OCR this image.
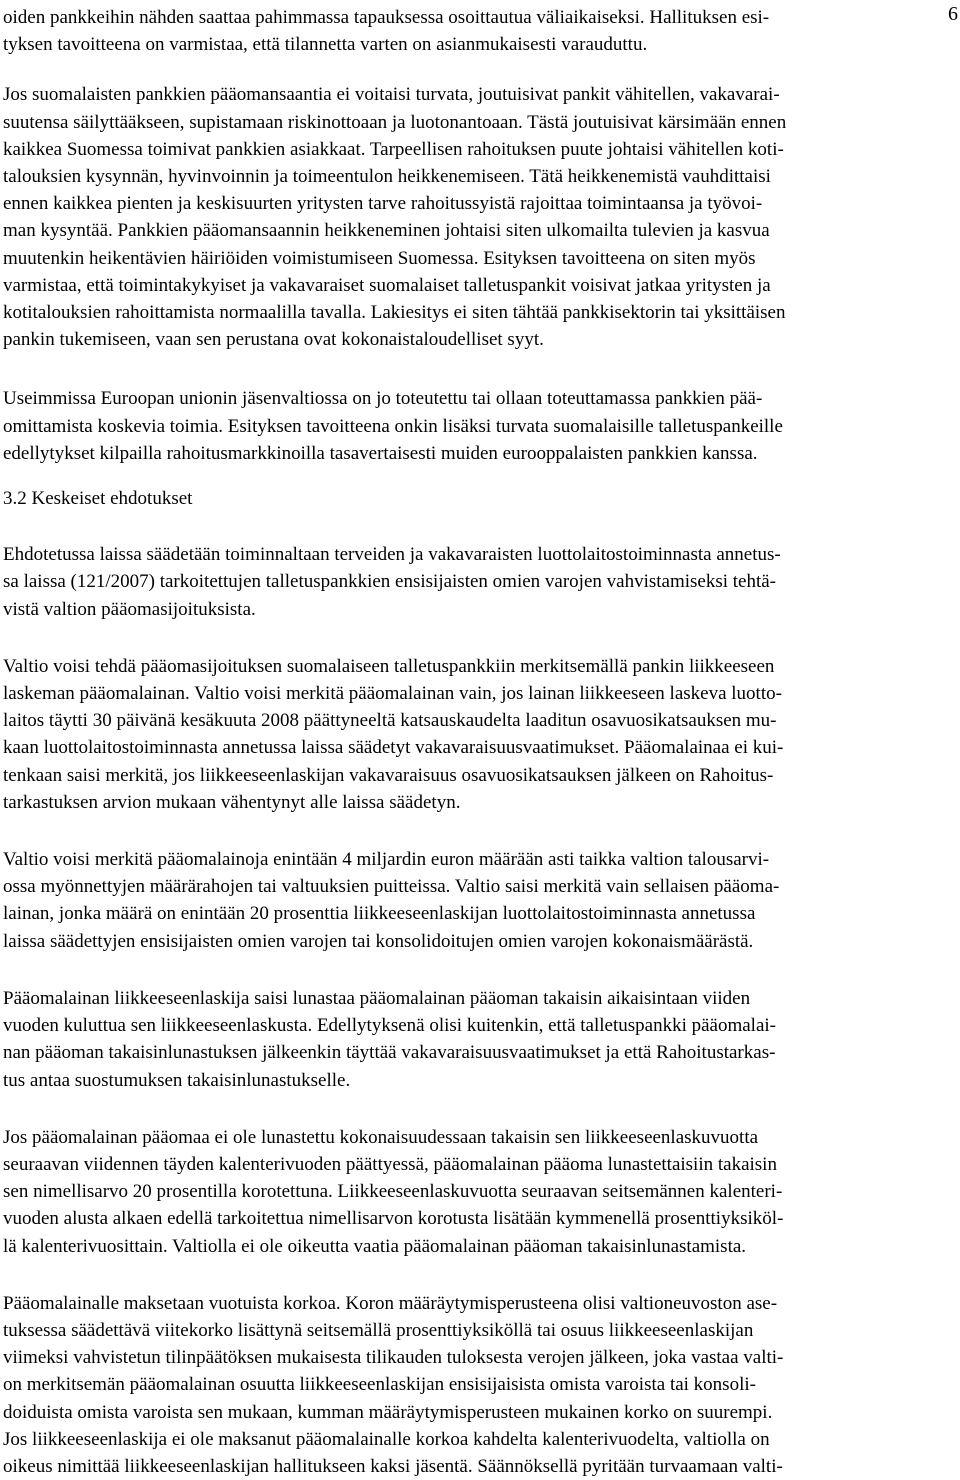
6

oiden pankkeihin nähden saattaa pahimmassa tapauksessa osoittautua väliaikaiseksi. Hallituksen esi-
tyksen tavoitteena on varmistaa, että tilannetta varten on asianmukaisesti varauduttu.

Jos suomalaisten pankkien pääomansaantia ei voitaisi turvata, joutuisivat pankit vähitellen, vakavarai-
suutensa säilyttääkseen, supistamaan riskinottoaan ja luotonantoaan. Tästä joutuisivat kärsimään ennen
kaikkea Suomessa toimivat pankkien asiakkaat. Tarpeellisen rahoituksen puute johtaisi vähitellen koti-
talouksien kysynnän, hyvinvoinnin ja toimeentulon heikkenemiseen. Tätä heikkenemistä vauhdittaisi
ennen kaikkea pienten ja keskisuurten yritysten tarve rahoitussyistä rajoittaa toimintaansa ja työvoi-
man kysyntää. Pankkien pääomansaannin heikkeneminen johtaisi siten ulkomailta tulevien ja kasvua
muutenkin heikentävien häiriöiden voimistumiseen Suomessa. Esityksen tavoitteena on siten myös
varmistaa, että toimintakykyiset ja vakavaraiset suomalaiset talletuspankit voisivat jatkaa yritysten ja
kotitalouksien rahoittamista normaalilla tavalla. Lakiesitys ei siten tähtää pankkisektorin tai yksittäisen
pankin tukemiseen, vaan sen perustana ovat kokonaistaloudelliset syyt.

Useimmissa Euroopan unionin jäsenvaltiossa on jo toteutettu tai ollaan toteuttamassa pankkien pää-
omittamista koskevia toimia. Esityksen tavoitteena onkin lisäksi turvata suomalaisille talletuspankeille
edellytykset kilpailla rahoitusmarkkinoilla tasavertaisesti muiden eurooppalaisten pankkien kanssa.

3.2 Keskeiset ehdotukset

Ehdotetussa laissa säädetään toiminnaltaan terveiden ja vakavaraisten luottolaitostoiminnasta annetus-
sa laissa (121/2007) tarkoitettujen talletuspankkien ensisijaisten omien varojen vahvistamiseksi tehtä-
vistä valtion pääomasijoituksista.

Valtio voisi tehdä pääomasijoituksen suomalaiseen talletuspankkiin merkitsemällä pankin liikkeeseen
laskeman pääomalainan. Valtio voisi merkitä pääomalainan vain, jos lainan liikkeeseen laskeva luotto-
laitos täytti 30 päivänä kesäkuuta 2008 päättyneeltä katsauskaudelta laaditun osavuosikatsauksen mu-
kaan luottolaitostoiminnasta annetussa laissa säädetyt vakavaraisuusvaatimukset. Pääomalainaa ei kui-
tenkaan saisi merkitä, jos liikkeeseenlaskijan vakavaraisuus osavuosikatsauksen jälkeen on Rahoitus-
tarkastuksen arvion mukaan vähentynyt alle laissa säädetyn.

Valtio voisi merkitä pääomalainoja enintään 4 miljardin euron määrään asti taikka valtion talousarvi-
ossa myönnettyjen määrärahojen tai valtuuksien puitteissa. Valtio saisi merkitä vain sellaisen pääoma-
lainan, jonka määrä on enintään 20 prosenttia liikkeeseenlaskijan luottolaitostoiminnasta annetussa
laissa säädettyjen ensisijaisten omien varojen tai konsolidoitujen omien varojen kokonaismäärästä.

Pääomalainan liikkeeseenlaskija saisi lunastaa pääomalainan pääoman takaisin aikaisintaan viiden
vuoden kuluttua sen liikkeeseenlaskusta. Edellytyksenä olisi kuitenkin, että talletuspankki pääomalai-
nan pääoman takaisinlunastuksen jälkeenkin täyttää vakavaraisuusvaatimukset ja että Rahoitustarkas-
tus antaa suostumuksen takaisinlunastukselle.

Jos pääomalainan pääomaa ei ole lunastettu kokonaisuudessaan takaisin sen liikkeeseenlaskuvuotta
seuraavan viidennen täyden kalenterivuoden päättyessä, pääomalainan pääoma lunastettaisiin takaisin
sen nimellisarvo 20 prosentilla korotettuna. Liikkeeseenlaskuvuotta seuraavan seitsemännen kalenteri-
vuoden alusta alkaen edellä tarkoitettua nimellisarvon korotusta lisätään kymmenellä prosenttiyksiköl-
lä kalenterivuosittain. Valtiolla ei ole oikeutta vaatia pääomalainan pääoman takaisinlunastamista.

Pääomalainalle maksetaan vuotuista korkoa. Koron määräytymisperusteena olisi valtioneuvoston ase-
tuksessa säädettävä viitekorko lisättynä seitsemällä prosenttiyksiköllä tai osuus liikkeeseenlaskijan
viimeksi vahvistetun tilinpäätöksen mukaisesta tilikauden tuloksesta verojen jälkeen, joka vastaa valti-
on merkitsemän pääomalainan osuutta liikkeeseenlaskijan ensisijaisista omista varoista tai konsoli-
doiduista omista varoista sen mukaan, kumman määräytymisperusteen mukainen korko on suurempi.
Jos liikkeeseenlaskija ei ole maksanut pääomalainalle korkoa kahdelta kalenterivuodelta, valtiolla on
oikeus nimittää liikkeeseenlaskijan hallitukseen kaksi jäsentä. Säännöksellä pyritään turvaamaan valti-
